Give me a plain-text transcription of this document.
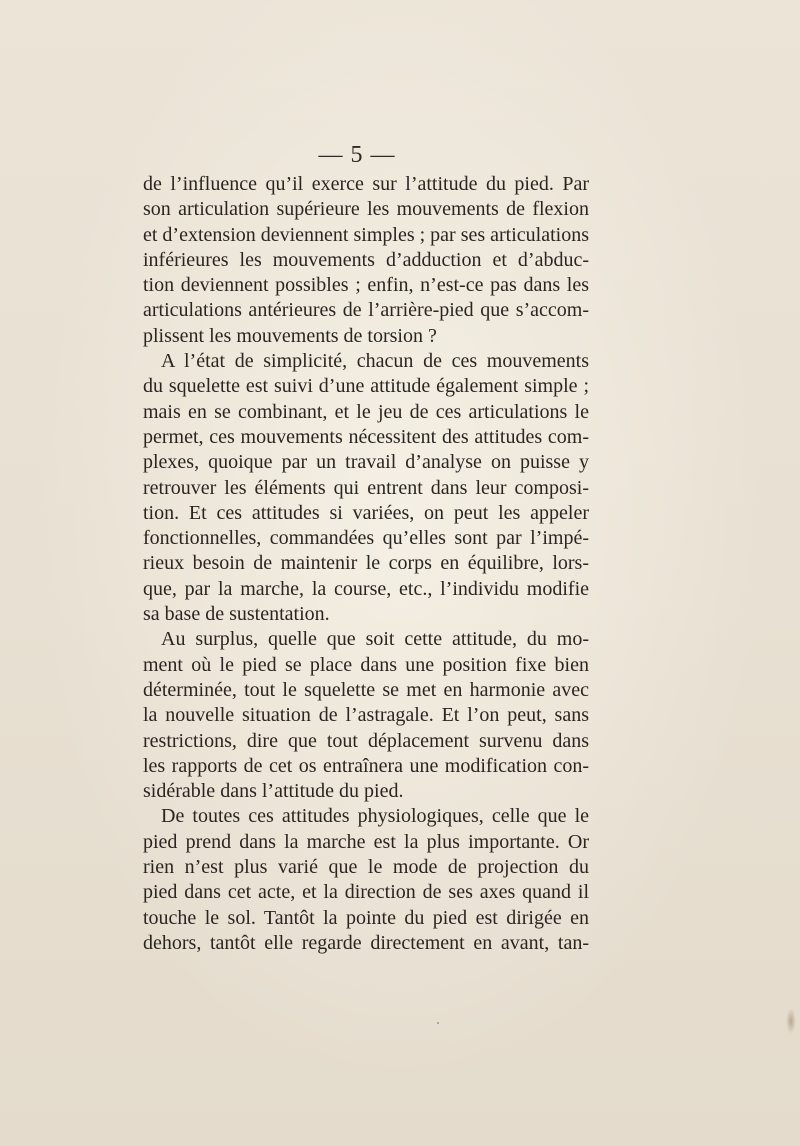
— 5 —
de l’influence qu’il exerce sur l’attitude du pied. Par
son articulation supérieure les mouvements de flexion
et d’extension deviennent simples ; par ses articulations
inférieures les mouvements d’adduction et d’abduc-
tion deviennent possibles ; enfin, n’est-ce pas dans les
articulations antérieures de l’arrière-pied que s’accom-
plissent les mouvements de torsion ?
A l’état de simplicité, chacun de ces mouvements
du squelette est suivi d’une attitude également simple ;
mais en se combinant, et le jeu de ces articulations le
permet, ces mouvements nécessitent des attitudes com-
plexes, quoique par un travail d’analyse on puisse y
retrouver les éléments qui entrent dans leur composi-
tion. Et ces attitudes si variées, on peut les appeler
fonctionnelles, commandées qu’elles sont par l’impé-
rieux besoin de maintenir le corps en équilibre, lors-
que, par la marche, la course, etc., l’individu modifie
sa base de sustentation.
Au surplus, quelle que soit cette attitude, du mo-
ment où le pied se place dans une position fixe bien
déterminée, tout le squelette se met en harmonie avec
la nouvelle situation de l’astragale. Et l’on peut, sans
restrictions, dire que tout déplacement survenu dans
les rapports de cet os entraînera une modification con-
sidérable dans l’attitude du pied.
De toutes ces attitudes physiologiques, celle que le
pied prend dans la marche est la plus importante. Or
rien n’est plus varié que le mode de projection du
pied dans cet acte, et la direction de ses axes quand il
touche le sol. Tantôt la pointe du pied est dirigée en
dehors, tantôt elle regarde directement en avant, tan-
